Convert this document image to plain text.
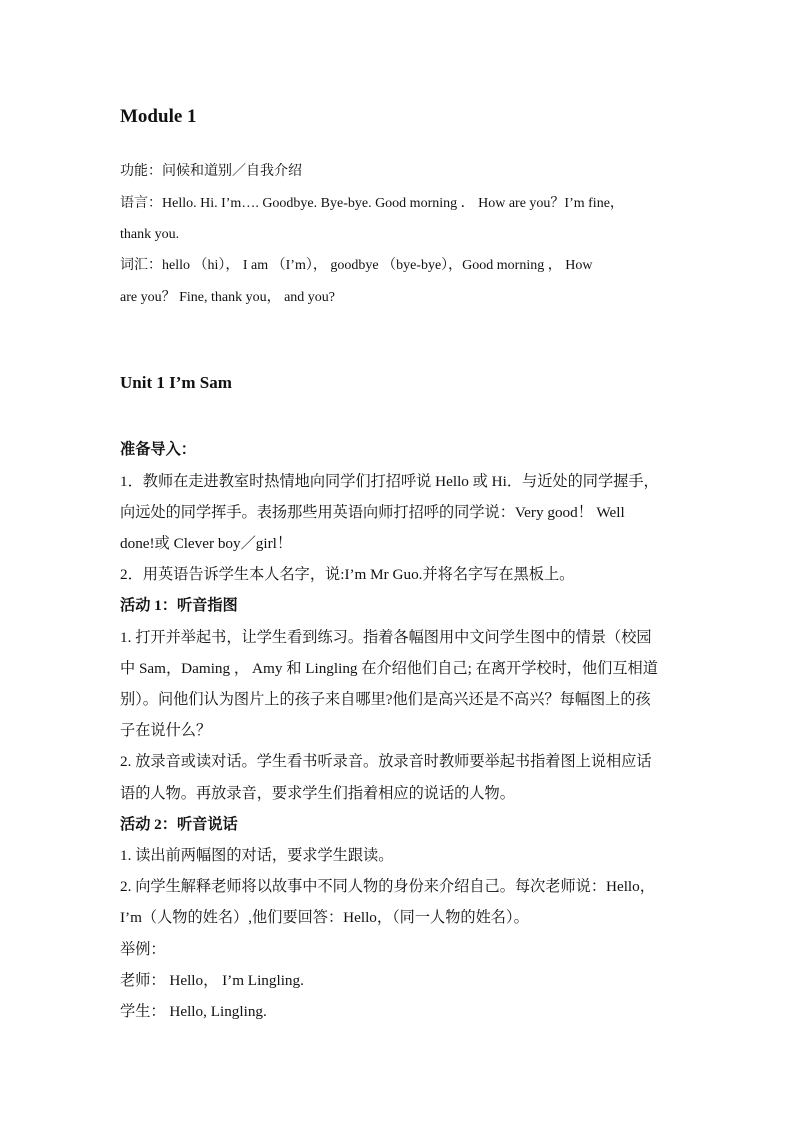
Module 1
功能：问候和道别／自我介绍
语言：Hello. Hi. I’m…. Goodbye. Bye-bye. Good morning ． How are you？I’m fine，
thank you.
词汇：hello （hi）， I am （I’m）， goodbye （bye-bye），Good morning ， How
are you？ Fine, thank you， and you?
Unit 1 I’m Sam
准备导入：
1．教师在走进教室时热情地向同学们打招呼说 Hello 或 Hi．与近处的同学握手，
向远处的同学挥手。表扬那些用英语向师打招呼的同学说：Very good！ Well
done!或 Clever boy／girl！
2．用英语告诉学生本人名字，说:I’m Mr Guo.并将名字写在黑板上。
活动 1：听音指图
1. 打开并举起书，让学生看到练习。指着各幅图用中文问学生图中的情景（校园
中 Sam，Daming ， Amy 和 Lingling 在介绍他们自己; 在离开学校时，他们互相道
别）。问他们认为图片上的孩子来自哪里?他们是高兴还是不高兴？每幅图上的孩
子在说什么？
2. 放录音或读对话。学生看书听录音。放录音时教师要举起书指着图上说相应话
语的人物。再放录音，要求学生们指着相应的说话的人物。
活动 2：听音说话
1. 读出前两幅图的对话，要求学生跟读。
2. 向学生解释老师将以故事中不同人物的身份来介绍自己。每次老师说：Hello，
I’m（人物的姓名）,他们要回答：Hello，（同一人物的姓名）。
举例：
老师： Hello， I’m Lingling.
学生： Hello, Lingling.
